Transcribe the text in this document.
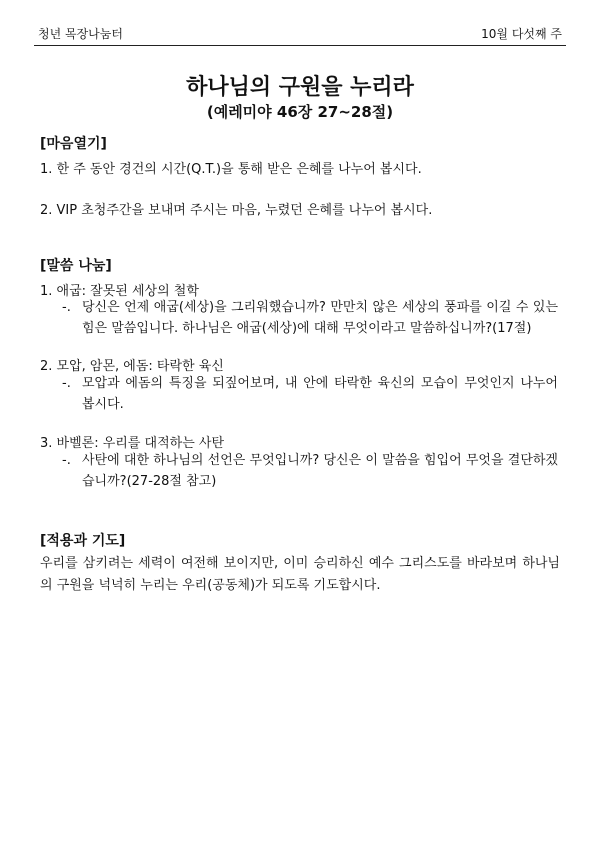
청년 목장나눔터	10월 다섯째 주
하나님의 구원을 누리라
(예레미야 46장 27~28절)
[마음열기]
1. 한 주 동안 경건의 시간(Q.T.)을 통해 받은 은혜를 나누어 봅시다.
2. VIP 초청주간을 보내며 주시는 마음, 누렸던 은혜를 나누어 봅시다.
[말씀 나눔]
1. 애굽: 잘못된 세상의 철학
-. 당신은 언제 애굽(세상)을 그리워했습니까? 만만치 않은 세상의 풍파를 이길 수 있는 힘은 말씀입니다. 하나님은 애굽(세상)에 대해 무엇이라고 말씀하십니까?(17절)
2. 모압, 암몬, 에돔: 타락한 육신
-. 모압과 에돔의 특징을 되짚어보며, 내 안에 타락한 육신의 모습이 무엇인지 나누어 봅시다.
3. 바벨론: 우리를 대적하는 사탄
-. 사탄에 대한 하나님의 선언은 무엇입니까? 당신은 이 말씀을 힘입어 무엇을 결단하겠습니까?(27-28절 참고)
[적용과 기도]
우리를 삼키려는 세력이 여전해 보이지만, 이미 승리하신 예수 그리스도를 바라보며 하나님의 구원을 넉넉히 누리는 우리(공동체)가 되도록 기도합시다.
